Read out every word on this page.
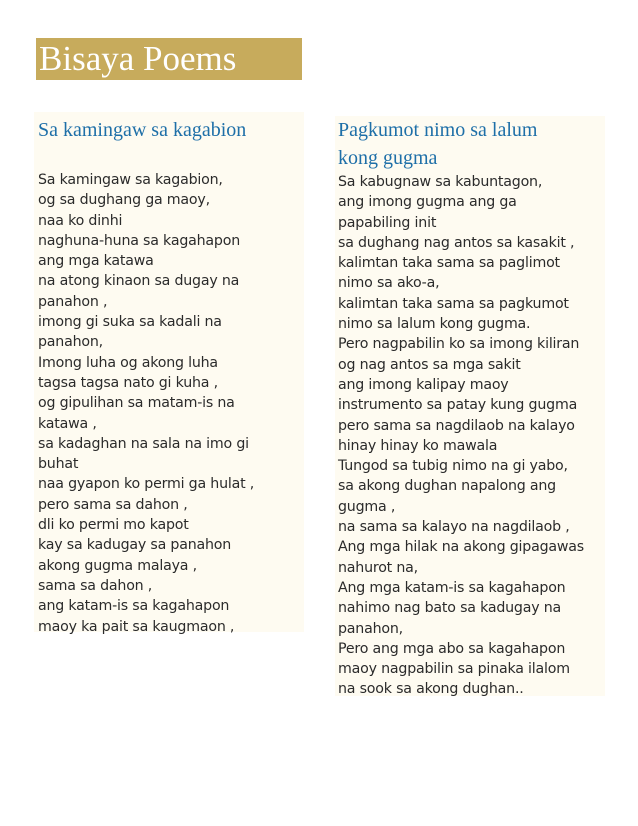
Bisaya Poems
Sa kamingaw sa kagabion
Sa kamingaw sa kagabion,
og sa dughang ga maoy,
naa ko dinhi
naghuna-huna sa kagahapon
ang mga katawa
na atong kinaon sa dugay na
panahon ,
imong gi suka sa kadali na
panahon,
Imong luha og akong luha
tagsa tagsa nato gi kuha ,
og gipulihan sa matam-is na
katawa ,
sa kadaghan na sala na imo gi
buhat
naa gyapon ko permi ga hulat ,
pero sama sa dahon ,
dli ko permi mo kapot
kay sa kadugay sa panahon
akong gugma malaya ,
sama sa dahon ,
ang katam-is sa kagahapon
maoy ka pait sa kaugmaon ,
Pagkumot nimo sa lalum
kong gugma
Sa kabugnaw sa kabuntagon,
ang imong gugma ang ga
papabiling init
sa dughang nag antos sa kasakit ,
kalimtan taka sama sa paglimot
nimo sa ako-a,
kalimtan taka sama sa pagkumot
nimo sa lalum kong gugma.
Pero nagpabilin ko sa imong kiliran
og nag antos sa mga sakit
ang imong kalipay maoy
instrumento sa patay kung gugma
pero sama sa nagdilaob na kalayo
hinay hinay ko mawala
Tungod sa tubig nimo na gi yabo,
sa akong dughan napalong ang
gugma ,
na sama sa kalayo na nagdilaob ,
Ang mga hilak na akong gipagawas
nahurot na,
Ang mga katam-is sa kagahapon
nahimo nag bato sa kadugay na
panahon,
Pero ang mga abo sa kagahapon
maoy nagpabilin sa pinaka ilalom
na sook sa akong dughan..
